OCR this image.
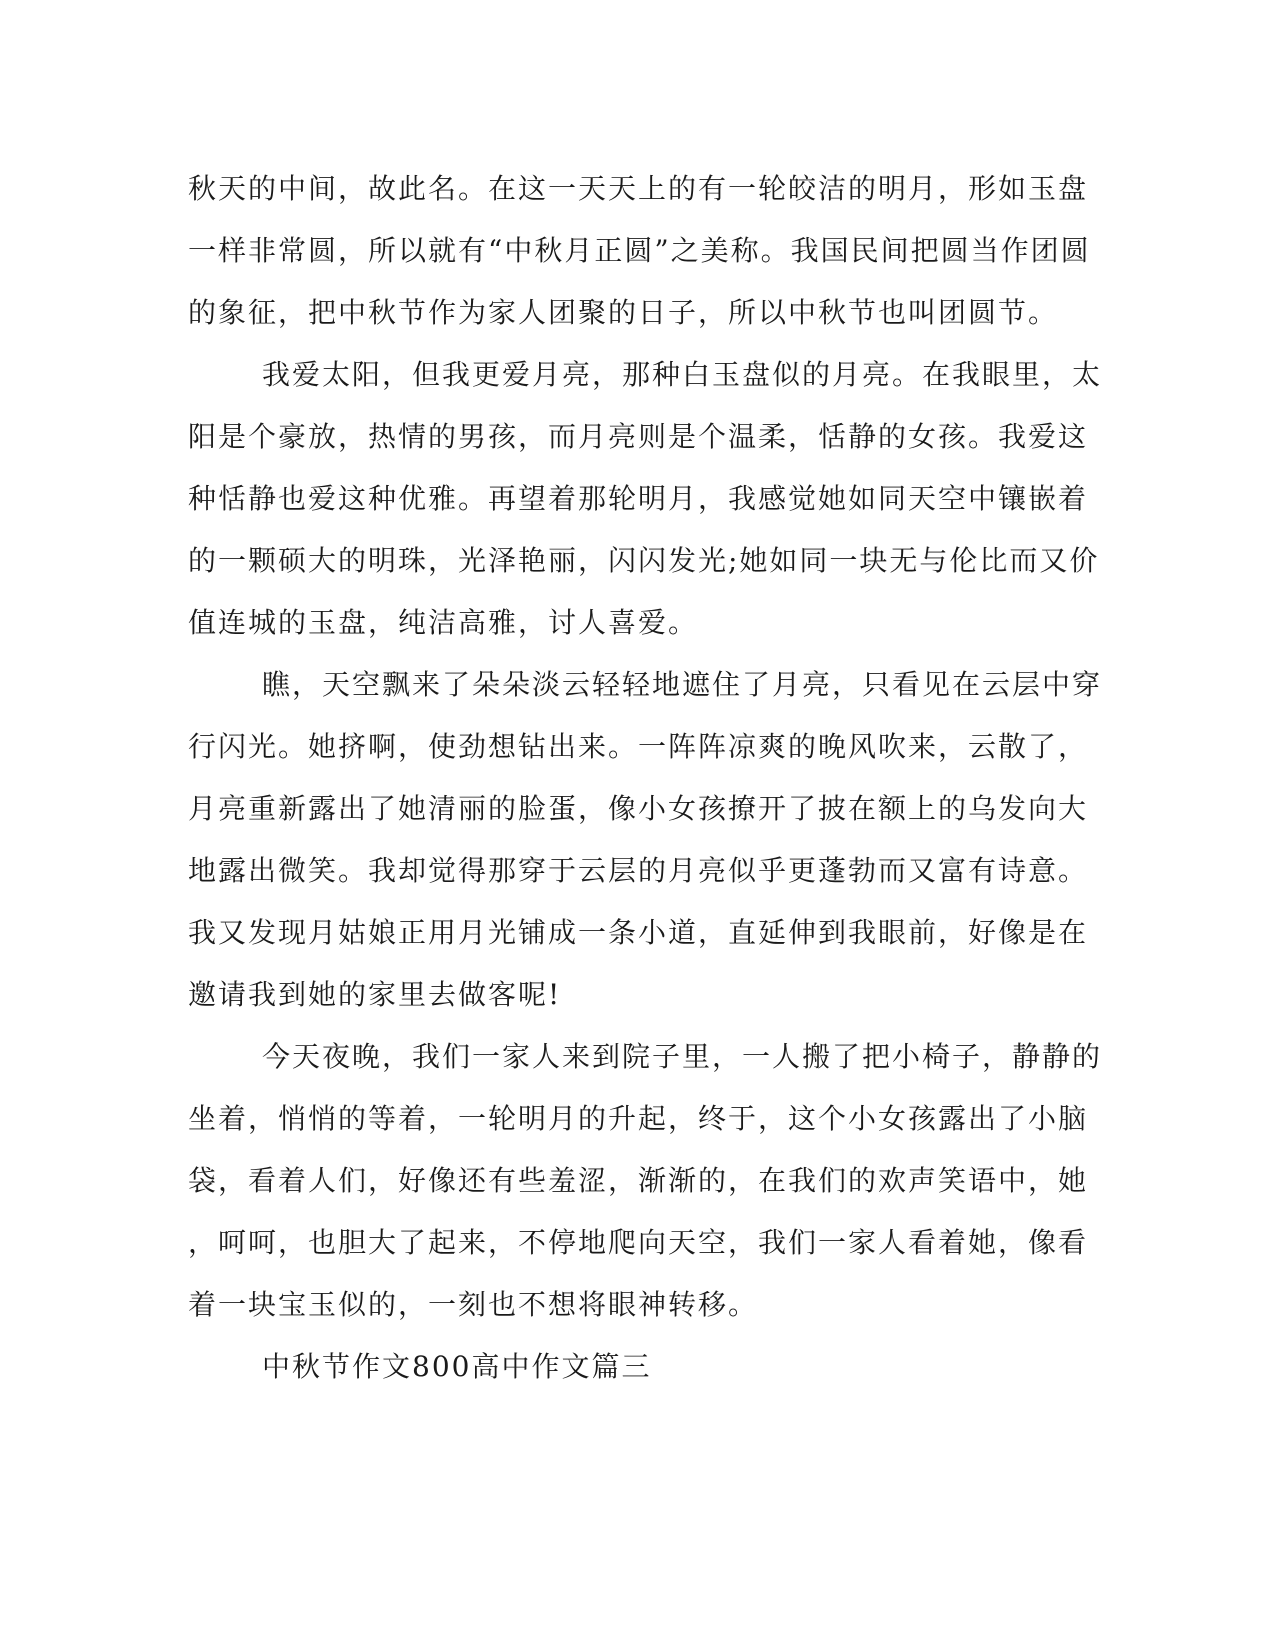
秋天的中间，故此名。在这一天天上的有一轮皎洁的明月，形如玉盘
一样非常圆，所以就有“中秋月正圆”之美称。我国民间把圆当作团圆
的象征，把中秋节作为家人团聚的日子，所以中秋节也叫团圆节。
我爱太阳，但我更爱月亮，那种白玉盘似的月亮。在我眼里，太
阳是个豪放，热情的男孩，而月亮则是个温柔，恬静的女孩。我爱这
种恬静也爱这种优雅。再望着那轮明月，我感觉她如同天空中镶嵌着
的一颗硕大的明珠，光泽艳丽，闪闪发光;她如同一块无与伦比而又价
值连城的玉盘，纯洁高雅，讨人喜爱。
瞧，天空飘来了朵朵淡云轻轻地遮住了月亮，只看见在云层中穿
行闪光。她挤啊，使劲想钻出来。一阵阵凉爽的晚风吹来，云散了，
月亮重新露出了她清丽的脸蛋，像小女孩撩开了披在额上的乌发向大
地露出微笑。我却觉得那穿于云层的月亮似乎更蓬勃而又富有诗意。
我又发现月姑娘正用月光铺成一条小道，直延伸到我眼前，好像是在
邀请我到她的家里去做客呢!
今天夜晚，我们一家人来到院子里，一人搬了把小椅子，静静的
坐着，悄悄的等着，一轮明月的升起，终于，这个小女孩露出了小脑
袋，看着人们，好像还有些羞涩，渐渐的，在我们的欢声笑语中，她
，呵呵，也胆大了起来，不停地爬向天空，我们一家人看着她，像看
着一块宝玉似的，一刻也不想将眼神转移。
中秋节作文800高中作文篇三
